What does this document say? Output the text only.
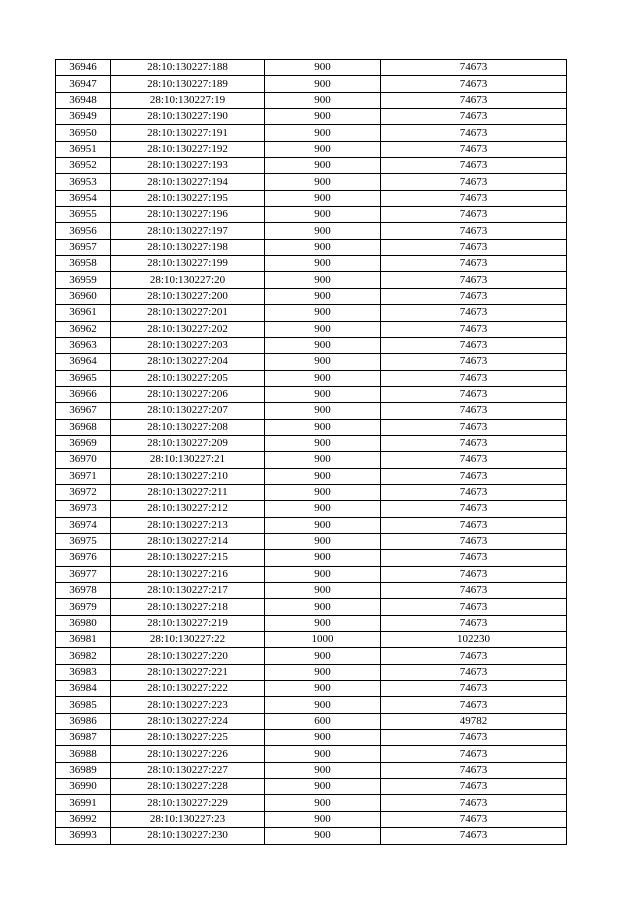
36946	28:10:130227:188	900	74673
36947	28:10:130227:189	900	74673
36948	28:10:130227:19	900	74673
36949	28:10:130227:190	900	74673
36950	28:10:130227:191	900	74673
36951	28:10:130227:192	900	74673
36952	28:10:130227:193	900	74673
36953	28:10:130227:194	900	74673
36954	28:10:130227:195	900	74673
36955	28:10:130227:196	900	74673
36956	28:10:130227:197	900	74673
36957	28:10:130227:198	900	74673
36958	28:10:130227:199	900	74673
36959	28:10:130227:20	900	74673
36960	28:10:130227:200	900	74673
36961	28:10:130227:201	900	74673
36962	28:10:130227:202	900	74673
36963	28:10:130227:203	900	74673
36964	28:10:130227:204	900	74673
36965	28:10:130227:205	900	74673
36966	28:10:130227:206	900	74673
36967	28:10:130227:207	900	74673
36968	28:10:130227:208	900	74673
36969	28:10:130227:209	900	74673
36970	28:10:130227:21	900	74673
36971	28:10:130227:210	900	74673
36972	28:10:130227:211	900	74673
36973	28:10:130227:212	900	74673
36974	28:10:130227:213	900	74673
36975	28:10:130227:214	900	74673
36976	28:10:130227:215	900	74673
36977	28:10:130227:216	900	74673
36978	28:10:130227:217	900	74673
36979	28:10:130227:218	900	74673
36980	28:10:130227:219	900	74673
36981	28:10:130227:22	1000	102230
36982	28:10:130227:220	900	74673
36983	28:10:130227:221	900	74673
36984	28:10:130227:222	900	74673
36985	28:10:130227:223	900	74673
36986	28:10:130227:224	600	49782
36987	28:10:130227:225	900	74673
36988	28:10:130227:226	900	74673
36989	28:10:130227:227	900	74673
36990	28:10:130227:228	900	74673
36991	28:10:130227:229	900	74673
36992	28:10:130227:23	900	74673
36993	28:10:130227:230	900	74673
